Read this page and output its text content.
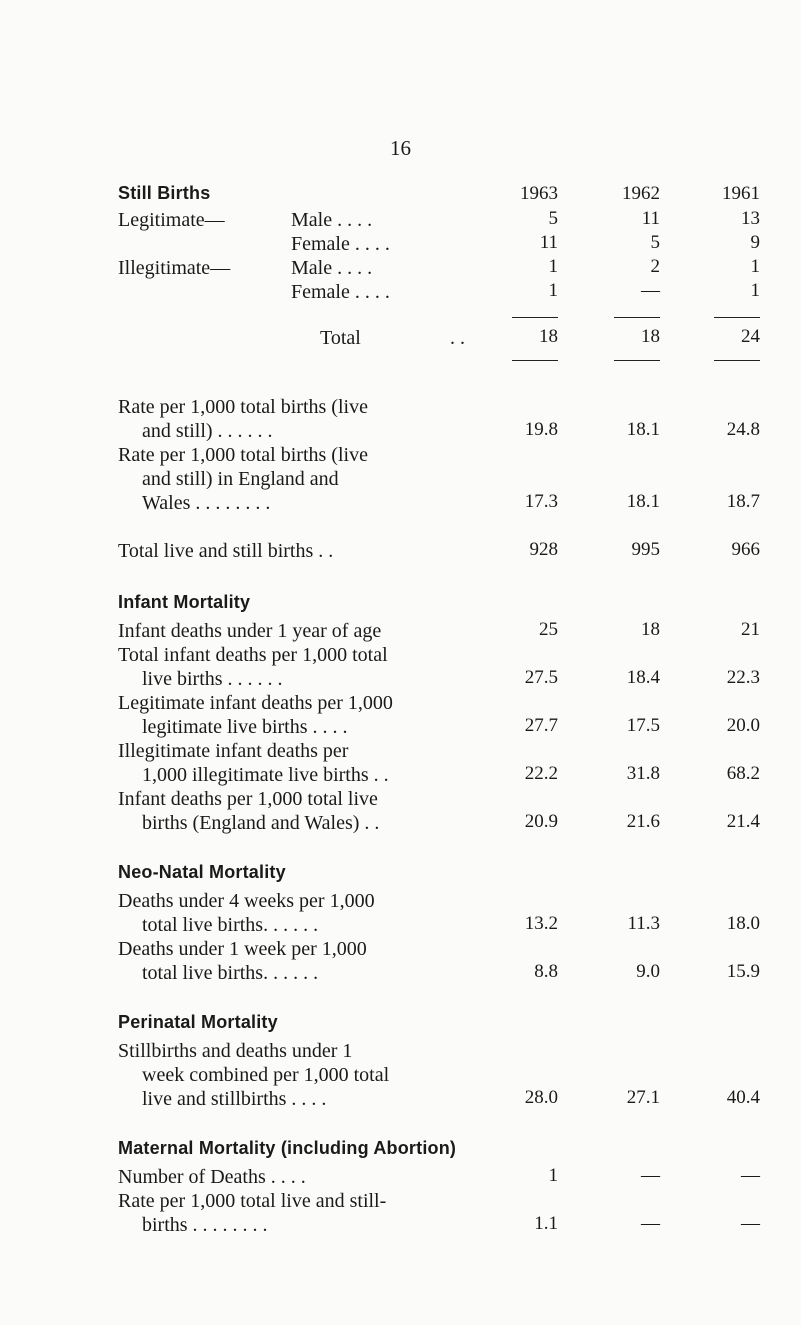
16
Still Births	1963	1962	1961
Legitimate—	Male . . . .	5	11	13
Female . . . .	11	5	9
Illegitimate—	Male . . . .	1	2	1
Female . . . .	1	—	1
Total	. .	18	18	24
Rate per 1,000 total births (live
and still) . . . . . .	19.8	18.1	24.8
Rate per 1,000 total births (live
and still) in England and
Wales . . . . . . . .	17.3	18.1	18.7
Total live and still births . .	928	995	966
Infant Mortality
Infant deaths under 1 year of age	25	18	21
Total infant deaths per 1,000 total
live births . . . . . .	27.5	18.4	22.3
Legitimate infant deaths per 1,000
legitimate live births . . . .	27.7	17.5	20.0
Illegitimate infant deaths per
1,000 illegitimate live births . .	22.2	31.8	68.2
Infant deaths per 1,000 total live
births (England and Wales) . .	20.9	21.6	21.4
Neo-Natal Mortality
Deaths under 4 weeks per 1,000
total live births. . . . . .	13.2	11.3	18.0
Deaths under 1 week per 1,000
total live births. . . . . .	8.8	9.0	15.9
Perinatal Mortality
Stillbirths and deaths under 1
week combined per 1,000 total
live and stillbirths . . . .	28.0	27.1	40.4
Maternal Mortality (including Abortion)
Number of Deaths . . . .	1	—	—
Rate per 1,000 total live and still-
births . . . . . . . .	1.1	—	—
